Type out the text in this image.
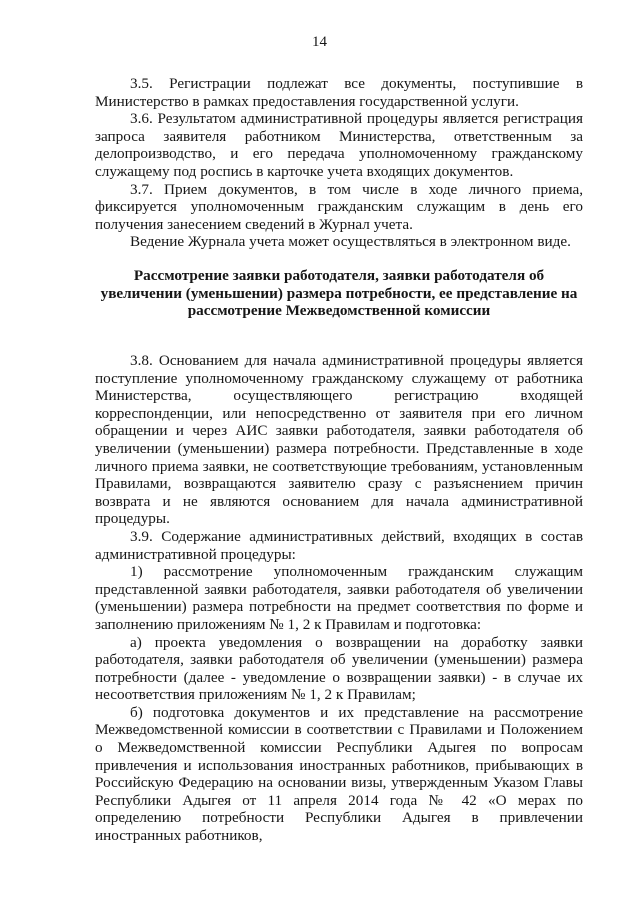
14

3.5. Регистрации подлежат все документы, поступившие в Министерство в рамках предоставления государственной услуги.

3.6. Результатом административной процедуры является регистрация запроса заявителя работником Министерства, ответственным за делопроизводство, и его передача уполномоченному гражданскому служащему под роспись в карточке учета входящих документов.

3.7. Прием документов, в том числе в ходе личного приема, фиксируется уполномоченным гражданским служащим в день его получения занесением сведений в Журнал учета.

Ведение Журнала учета может осуществляться в электронном виде.

Рассмотрение заявки работодателя, заявки работодателя об увеличении (уменьшении) размера потребности, ее представление на рассмотрение Межведомственной комиссии

3.8. Основанием для начала административной процедуры является поступление уполномоченному гражданскому служащему от работника Министерства, осуществляющего регистрацию входящей корреспонденции, или непосредственно от заявителя при его личном обращении и через АИС заявки работодателя, заявки работодателя об увеличении (уменьшении) размера потребности. Представленные в ходе личного приема заявки, не соответствующие требованиям, установленным Правилами, возвращаются заявителю сразу с разъяснением причин возврата и не являются основанием для начала административной процедуры.

3.9. Содержание административных действий, входящих в состав административной процедуры:

1) рассмотрение уполномоченным гражданским служащим представленной заявки работодателя, заявки работодателя об увеличении (уменьшении) размера потребности на предмет соответствия по форме и заполнению приложениям № 1, 2 к Правилам и подготовка:

а) проекта уведомления о возвращении на доработку заявки работодателя, заявки работодателя об увеличении (уменьшении) размера потребности (далее - уведомление о возвращении заявки) - в случае их несоответствия приложениям № 1, 2 к Правилам;

б) подготовка документов и их представление на рассмотрение Межведомственной комиссии в соответствии с Правилами и Положением о Межведомственной комиссии Республики Адыгея по вопросам привлечения и использования иностранных работников, прибывающих в Российскую Федерацию на основании визы, утвержденным Указом Главы Республики Адыгея от 11 апреля 2014 года № 42 «О мерах по определению потребности Республики Адыгея в привлечении иностранных работников,
